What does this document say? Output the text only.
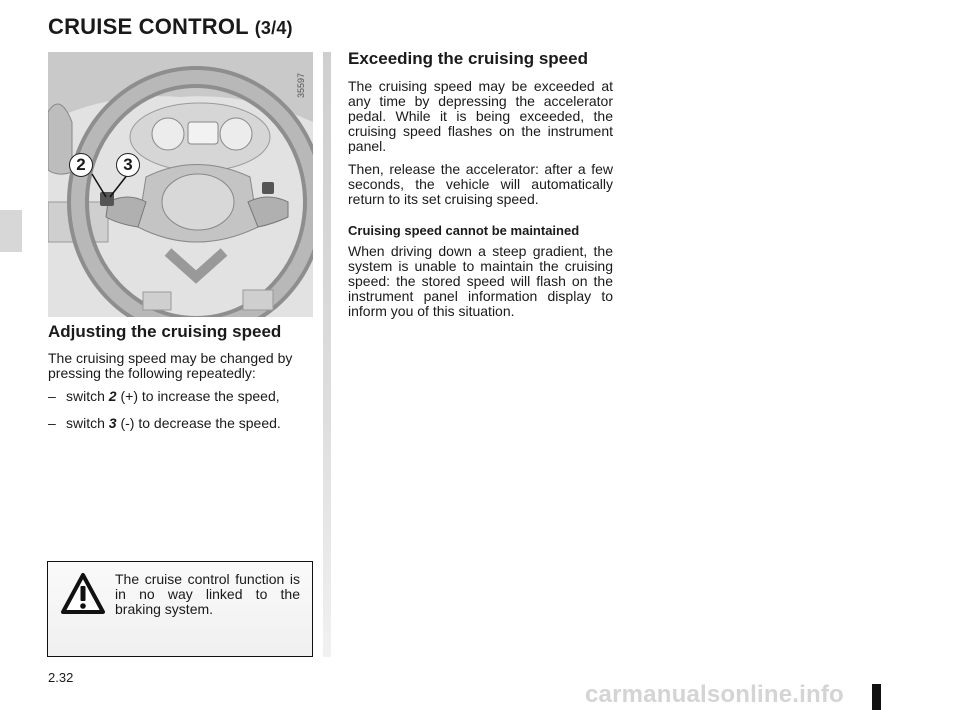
CRUISE CONTROL (3/4)
2	3
35597
Adjusting the cruising speed

The cruising speed may be changed by pressing the following repeatedly:

– switch 2 (+) to increase the speed,
– switch 3 (-) to decrease the speed.
Exceeding the cruising speed

The cruising speed may be exceeded at any time by depressing the accelerator pedal. While it is being exceeded, the cruising speed flashes on the instrument panel.

Then, release the accelerator: after a few seconds, the vehicle will automatically return to its set cruising speed.

Cruising speed cannot be maintained

When driving down a steep gradient, the system is unable to maintain the cruising speed: the stored speed will flash on the instrument panel information display to inform you of this situation.

The cruise control function is in no way linked to the braking system.
2.32
carmanualsonline.info
